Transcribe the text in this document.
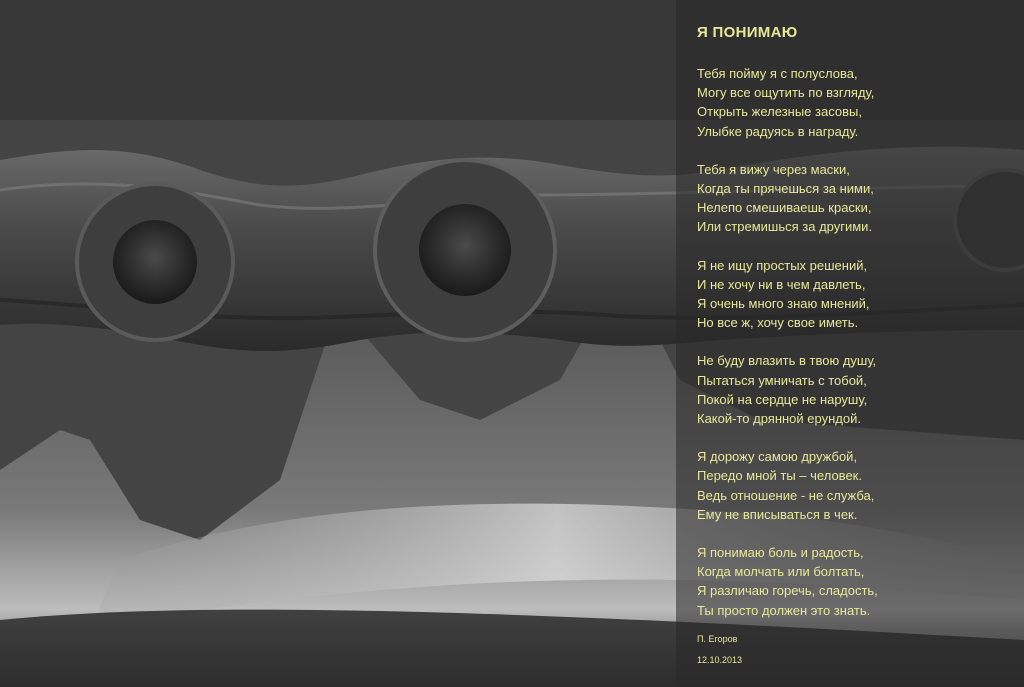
Я ПОНИМАЮ
Тебя пойму я с полуслова,
Могу все ощутить по взгляду,
Открыть железные засовы,
Улыбке радуясь в награду.
Тебя я вижу через маски,
Когда ты прячешься за ними,
Нелепо смешиваешь краски,
Или стремишься за другими.
Я не ищу простых решений,
И не хочу ни в чем давлеть,
Я очень много знаю мнений,
Но все ж, хочу свое иметь.
Не буду влазить в твою душу,
Пытаться умничать с тобой,
Покой на сердце не нарушу,
Какой-то дрянной ерундой.
Я дорожу самою дружбой,
Передо мной ты – человек.
Ведь отношение - не служба,
Ему не вписываться в чек.
Я понимаю боль и радость,
Когда молчать или болтать,
Я различаю горечь, сладость,
Ты просто должен это знать.
П. Егоров
12.10.2013
